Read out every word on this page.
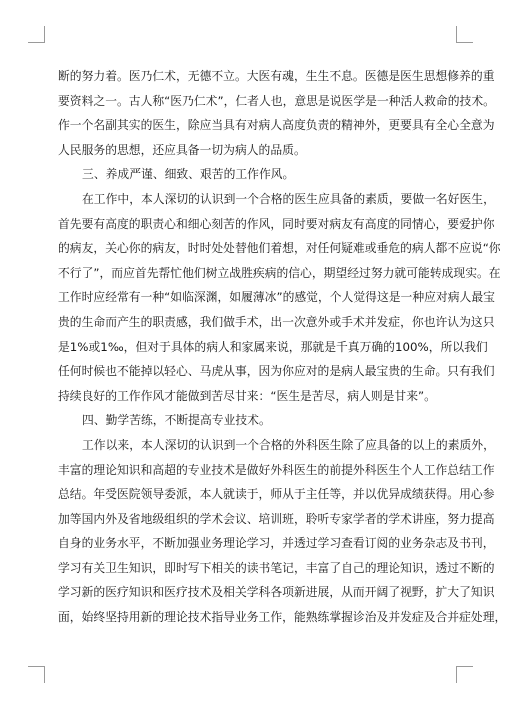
断的努力着。医乃仁术，无德不立。大医有魂，生生不息。医德是医生思想修养的重
要资料之一。古人称“医乃仁术”，仁者人也，意思是说医学是一种活人救命的技术。
作一个名副其实的医生，除应当具有对病人高度负责的精神外，更要具有全心全意为
人民服务的思想，还应具备一切为病人的品质。
三、养成严谨、细致、艰苦的工作作风。
在工作中，本人深切的认识到一个合格的医生应具备的素质，要做一名好医生，
首先要有高度的职责心和细心刻苦的作风，同时要对病友有高度的同情心，要爱护你
的病友，关心你的病友，时时处处替他们着想，对任何疑难或垂危的病人都不应说“你
不行了”，而应首先帮忙他们树立战胜疾病的信心，期望经过努力就可能转成现实。在
工作时应经常有一种“如临深渊，如履薄冰”的感觉，个人觉得这是一种应对病人最宝
贵的生命而产生的职责感，我们做手术，出一次意外或手术并发症，你也许认为这只
是1%或1‰，但对于具体的病人和家属来说，那就是千真万确的100%，所以我们
任何时候也不能掉以轻心、马虎从事，因为你应对的是病人最宝贵的生命。只有我们
持续良好的工作作风才能做到苦尽甘来：“医生是苦尽，病人则是甘来”。
四、勤学苦练，不断提高专业技术。
工作以来，本人深切的认识到一个合格的外科医生除了应具备的以上的素质外，
丰富的理论知识和高超的专业技术是做好外科医生的前提外科医生个人工作总结工作
总结。年受医院领导委派，本人就读于，师从于主任等，并以优异成绩获得。用心参
加等国内外及省地级组织的学术会议、培训班，聆听专家学者的学术讲座，努力提高
自身的业务水平，不断加强业务理论学习，并透过学习查看订阅的业务杂志及书刊，
学习有关卫生知识，即时写下相关的读书笔记，丰富了自己的理论知识，透过不断的
学习新的医疗知识和医疗技术及相关学科各项新进展，从而开阔了视野，扩大了知识
面，始终坚持用新的理论技术指导业务工作，能熟练掌握诊治及并发症及合并症处理，
